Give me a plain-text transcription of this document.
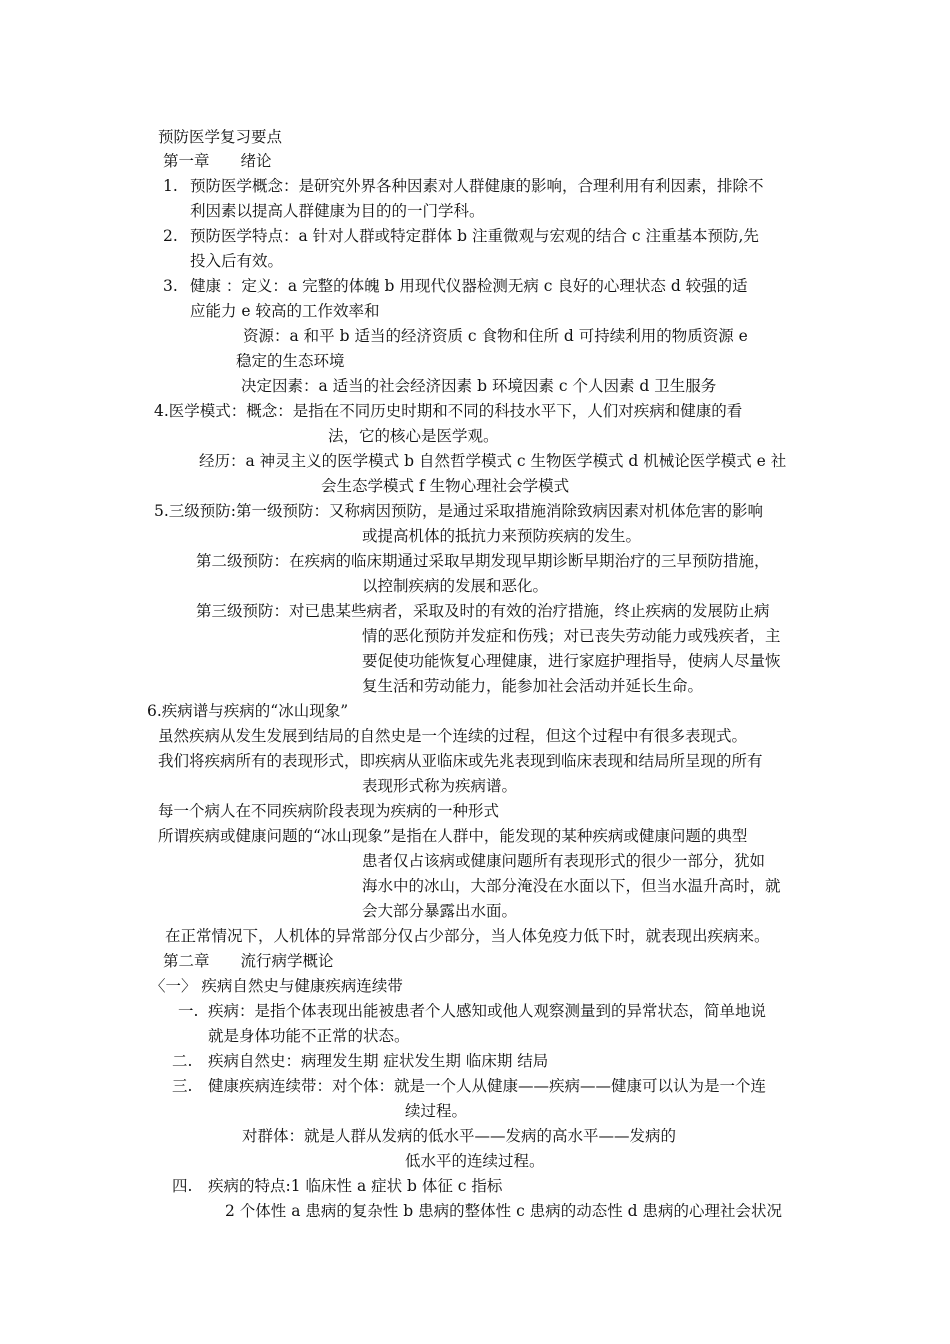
预防医学复习要点
第一章　　绪论
1. 预防医学概念：是研究外界各种因素对人群健康的影响，合理利用有利因素，排除不
利因素以提高人群健康为目的的一门学科。
2. 预防医学特点：a 针对人群或特定群体 b 注重微观与宏观的结合 c 注重基本预防,先
投入后有效。
3. 健康 ：定义：a 完整的体魄 b 用现代仪器检测无病 c 良好的心理状态 d 较强的适
应能力 e 较高的工作效率和
资源：a 和平 b 适当的经济资质 c 食物和住所 d 可持续利用的物质资源 e
稳定的生态环境
决定因素：a 适当的社会经济因素 b 环境因素 c 个人因素 d 卫生服务
4.医学模式：概念：是指在不同历史时期和不同的科技水平下，人们对疾病和健康的看
法，它的核心是医学观。
经历：a 神灵主义的医学模式 b 自然哲学模式 c 生物医学模式 d 机械论医学模式 e 社
会生态学模式 f 生物心理社会学模式
5.三级预防:第一级预防：又称病因预防，是通过采取措施消除致病因素对机体危害的影响
或提高机体的抵抗力来预防疾病的发生。
第二级预防：在疾病的临床期通过采取早期发现早期诊断早期治疗的三早预防措施，
以控制疾病的发展和恶化。
第三级预防：对已患某些病者，采取及时的有效的治疗措施，终止疾病的发展防止病
情的恶化预防并发症和伤残；对已丧失劳动能力或残疾者，主
要促使功能恢复心理健康，进行家庭护理指导，使病人尽量恢
复生活和劳动能力，能参加社会活动并延长生命。
6.疾病谱与疾病的“冰山现象”
虽然疾病从发生发展到结局的自然史是一个连续的过程，但这个过程中有很多表现式。
我们将疾病所有的表现形式，即疾病从亚临床或先兆表现到临床表现和结局所呈现的所有
表现形式称为疾病谱。
每一个病人在不同疾病阶段表现为疾病的一种形式
所谓疾病或健康问题的“冰山现象”是指在人群中，能发现的某种疾病或健康问题的典型
患者仅占该病或健康问题所有表现形式的很少一部分，犹如
海水中的冰山，大部分淹没在水面以下，但当水温升高时，就
会大部分暴露出水面。
在正常情况下，人机体的异常部分仅占少部分，当人体免疫力低下时，就表现出疾病来。
第二章　　流行病学概论
〈一〉 疾病自然史与健康疾病连续带
一. 疾病：是指个体表现出能被患者个人感知或他人观察测量到的异常状态，简单地说
就是身体功能不正常的状态。
二. 疾病自然史：病理发生期 症状发生期 临床期 结局
三. 健康疾病连续带：对个体：就是一个人从健康——疾病——健康可以认为是一个连
续过程。
对群体：就是人群从发病的低水平——发病的高水平——发病的
低水平的连续过程。
四. 疾病的特点:1 临床性 a 症状 b 体征 c 指标
2 个体性 a 患病的复杂性 b 患病的整体性 c 患病的动态性 d 患病的心理社会状况
